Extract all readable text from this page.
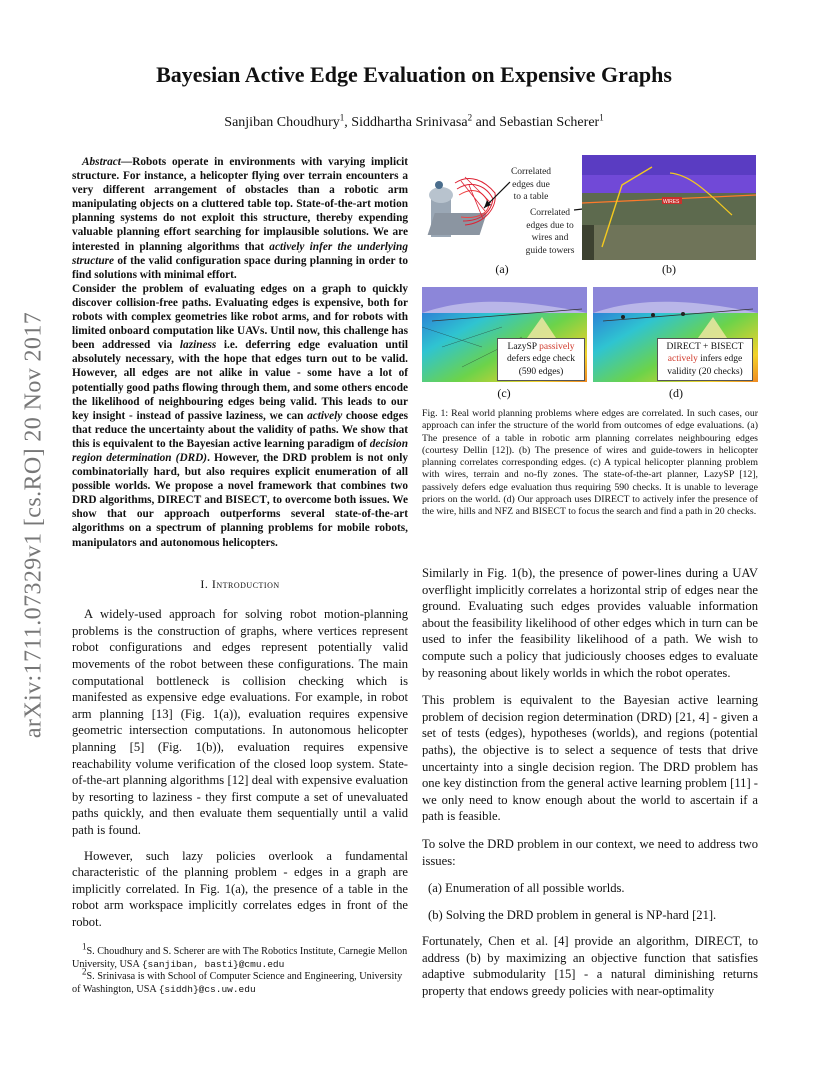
arXiv:1711.07329v1 [cs.RO] 20 Nov 2017
Bayesian Active Edge Evaluation on Expensive Graphs
Sanjiban Choudhury$^1$, Siddhartha Srinivasa$^2$ and Sebastian Scherer$^1$

Abstract—Robots operate in environments with varying implicit structure. For instance, a helicopter flying over terrain encounters a very different arrangement of obstacles than a robotic arm manipulating objects on a cluttered table top. State-of-the-art motion planning systems do not exploit this structure, thereby expending valuable planning effort searching for implausible solutions. We are interested in planning algorithms that actively infer the underlying structure of the valid configuration space during planning in order to find solutions with minimal effort.
Consider the problem of evaluating edges on a graph to quickly discover collision-free paths. Evaluating edges is expensive, both for robots with complex geometries like robot arms, and for robots with limited onboard computation like UAVs. Until now, this challenge has been addressed via laziness i.e. deferring edge evaluation until absolutely necessary, with the hope that edges turn out to be valid. However, all edges are not alike in value - some have a lot of potentially good paths flowing through them, and some others encode the likelihood of neighbouring edges being valid. This leads to our key insight - instead of passive laziness, we can actively choose edges that reduce the uncertainty about the validity of paths. We show that this is equivalent to the Bayesian active learning paradigm of decision region determination (DRD). However, the DRD problem is not only combinatorially hard, but also requires explicit enumeration of all possible worlds. We propose a novel framework that combines two DRD algorithms, DIRECT and BISECT, to overcome both issues. We show that our approach outperforms several state-of-the-art algorithms on a spectrum of planning problems for mobile robots, manipulators and autonomous helicopters.

I. Introduction

A widely-used approach for solving robot motion-planning problems is the construction of graphs, where vertices represent robot configurations and edges represent potentially valid movements of the robot between these configurations. The main computational bottleneck is collision checking which is manifested as expensive edge evaluations. For example, in robot arm planning [13] (Fig. 1(a)), evaluation requires expensive geometric intersection computations. In autonomous helicopter planning [5] (Fig. 1(b)), evaluation requires expensive reachability volume verification of the closed loop system. State-of-the-art planning algorithms [12] deal with expensive evaluation by resorting to laziness - they first compute a set of unevaluated paths quickly, and then evaluate them sequentially until a valid path is found.

However, such lazy policies overlook a fundamental characteristic of the planning problem - edges in a graph are implicitly correlated. In Fig. 1(a), the presence of a table in the robot arm workspace implicitly correlates edges in front of the robot.

$^1$S. Choudhury and S. Scherer are with The Robotics Institute, Carnegie Mellon University, USA {sanjiban, basti}@cmu.edu
$^2$S. Srinivasa is with School of Computer Science and Engineering, University of Washington, USA {siddh}@cs.uw.edu
Correlated edges due to a table
Correlated edges due to wires and guide towers
WIRES
(a)	(b)
LazySP passively
defers edge check
(590 edges)
DIRECT + BISECT
actively infers edge
validity (20 checks)
(c)	(d)
Fig. 1: Real world planning problems where edges are correlated. In such cases, our approach can infer the structure of the world from outcomes of edge evaluations. (a) The presence of a table in robotic arm planning correlates neighbouring edges (courtesy Dellin [12]). (b) The presence of wires and guide-towers in helicopter planning correlates corresponding edges. (c) A typical helicopter planning problem with wires, terrain and no-fly zones. The state-of-the-art planner, LazySP [12], passively defers edge evaluation thus requiring 590 checks. It is unable to leverage priors on the world. (d) Our approach uses DIRECT to actively infer the presence of the wire, hills and NFZ and BISECT to focus the search and find a path in 20 checks.

Similarly in Fig. 1(b), the presence of power-lines during a UAV overflight implicitly correlates a horizontal strip of edges near the ground. Evaluating such edges provides valuable information about the feasibility likelihood of other edges which in turn can be used to infer the feasibility likelihood of a path. We wish to compute such a policy that judiciously chooses edges to evaluate by reasoning about likely worlds in which the robot operates.

This problem is equivalent to the Bayesian active learning problem of decision region determination (DRD) [21, 4] - given a set of tests (edges), hypotheses (worlds), and regions (potential paths), the objective is to select a sequence of tests that drive uncertainty into a single decision region. The DRD problem has one key distinction from the general active learning problem [11] - we only need to know enough about the world to ascertain if a path is feasible.

To solve the DRD problem in our context, we need to address two issues:

(a) Enumeration of all possible worlds.
(b) Solving the DRD problem in general is NP-hard [21].

Fortunately, Chen et al. [4] provide an algorithm, DIRECT, to address (b) by maximizing an objective function that satisfies adaptive submodularity [15] - a natural diminishing returns property that endows greedy policies with near-optimality
